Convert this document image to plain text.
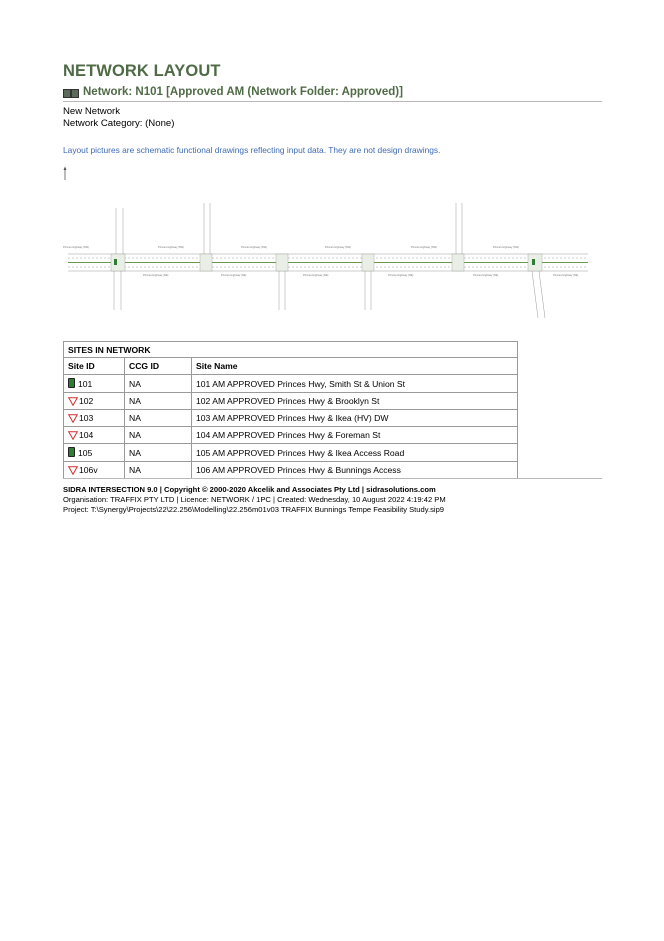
NETWORK LAYOUT
Network: N101 [Approved AM (Network Folder: Approved)]
New Network
Network Category: (None)
Layout pictures are schematic functional drawings reflecting input data. They are not design drawings.
Princes Highway (SW)	Princes Highway (SW)	Princes Highway (SW)	Princes Highway (SW)	Princes Highway (SW)	Princes Highway (SW)
Princes Highway (NE)	Princes Highway (NE)	Princes Highway (NE)	Princes Highway (NE)	Princes Highway (NE)	Princes Highway (NE)
SITES IN NETWORK
Site ID	CCG ID	Site Name
101	NA	101 AM APPROVED Princes Hwy, Smith St & Union St
102	NA	102 AM APPROVED Princes Hwy & Brooklyn St
103	NA	103 AM APPROVED Princes Hwy & Ikea (HV) DW
104	NA	104 AM APPROVED Princes Hwy & Foreman St
105	NA	105 AM APPROVED Princes Hwy & Ikea Access Road
106v	NA	106 AM APPROVED Princes Hwy & Bunnings Access
SIDRA INTERSECTION 9.0 | Copyright © 2000-2020 Akcelik and Associates Pty Ltd | sidrasolutions.com
Organisation: TRAFFIX PTY LTD | Licence: NETWORK / 1PC | Created: Wednesday, 10 August 2022 4:19:42 PM
Project: T:\Synergy\Projects\22\22.256\Modelling\22.256m01v03 TRAFFIX Bunnings Tempe Feasibility Study.sip9
